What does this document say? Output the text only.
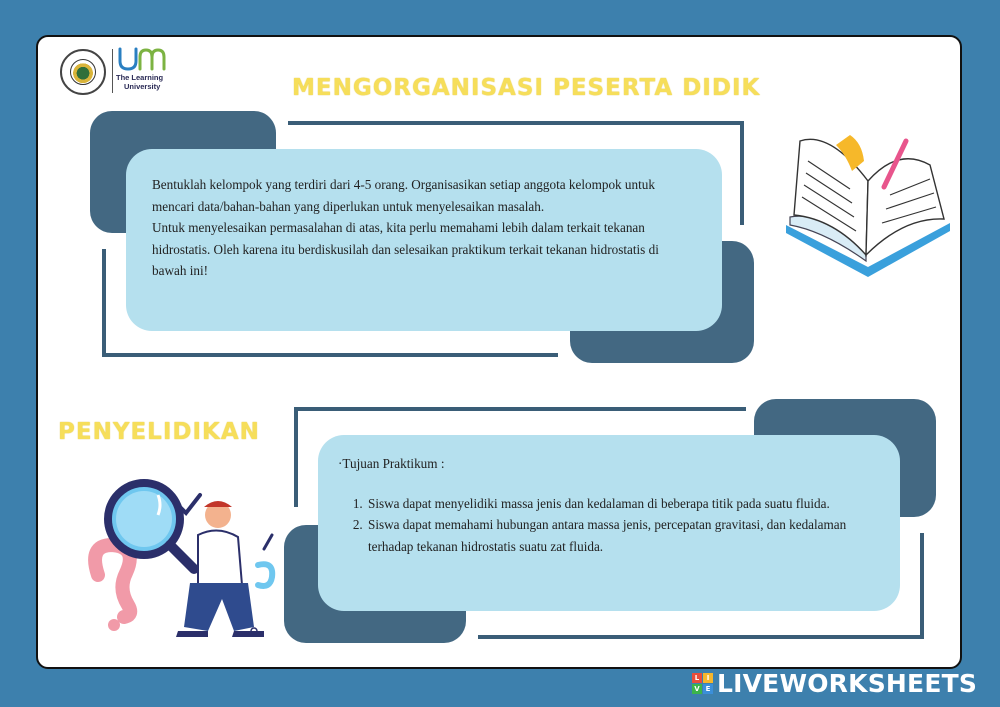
The Learning
University	MENGORGANISASI PESERTA DIDIK
Bentuklah kelompok yang terdiri dari 4-5 orang. Organisasikan setiap anggota kelompok untuk mencari data/bahan-bahan yang diperlukan untuk menyelesaikan masalah.
Untuk menyelesaikan permasalahan di atas, kita perlu memahami lebih dalam terkait tekanan hidrostatis. Oleh karena itu berdiskusilah dan selesaikan praktikum terkait tekanan hidrostatis di bawah ini!
PENYELIDIKAN
·Tujuan Praktikum :
1. Siswa dapat menyelidiki massa jenis dan kedalaman di beberapa titik pada suatu fluida.
2. Siswa dapat memahami hubungan antara massa jenis, percepatan gravitasi, dan kedalaman terhadap tekanan hidrostatis suatu zat fluida.
L	I
V E LIVEWORKSHEETS
